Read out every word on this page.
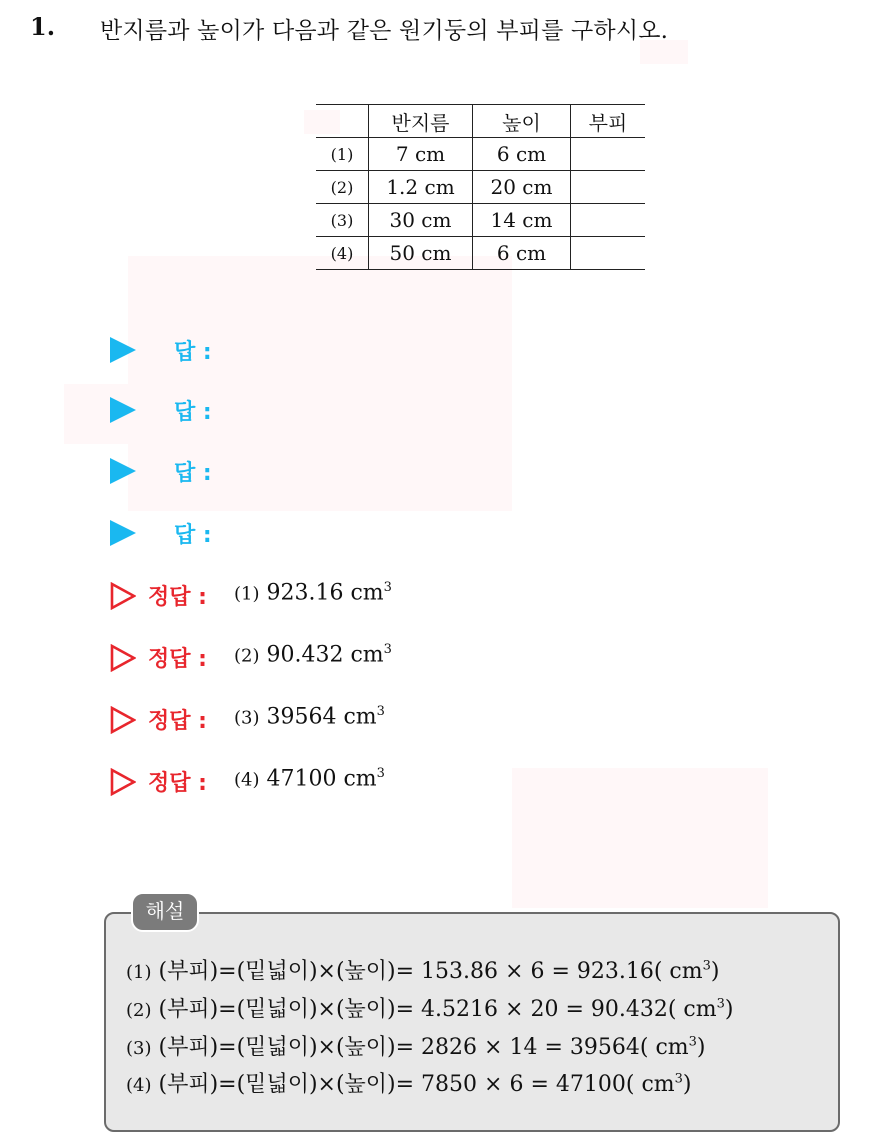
1. 반지름과 높이가 다음과 같은 원기둥의 부피를 구하시오.
	반지름	높이	부피
(1)	7 cm	6 cm	
(2)	1.2 cm	20 cm	
(3)	30 cm	14 cm	
(4)	50 cm	6 cm	
답 :
답 :
답 :
답 :
정답 : (1) 923.16 $cm^3$
정답 : (2) 90.432 $cm^3$
정답 : (3) 39564 $cm^3$
정답 : (4) 47100 $cm^3$
해설
(1) (부피)=(밑넓이)×(높이)= 153.86 × 6 = 923.16( $cm^3$)
(2) (부피)=(밑넓이)×(높이)= 4.5216 × 20 = 90.432( $cm^3$)
(3) (부피)=(밑넓이)×(높이)= 2826 × 14 = 39564( $cm^3$)
(4) (부피)=(밑넓이)×(높이)= 7850 × 6 = 47100( $cm^3$)
